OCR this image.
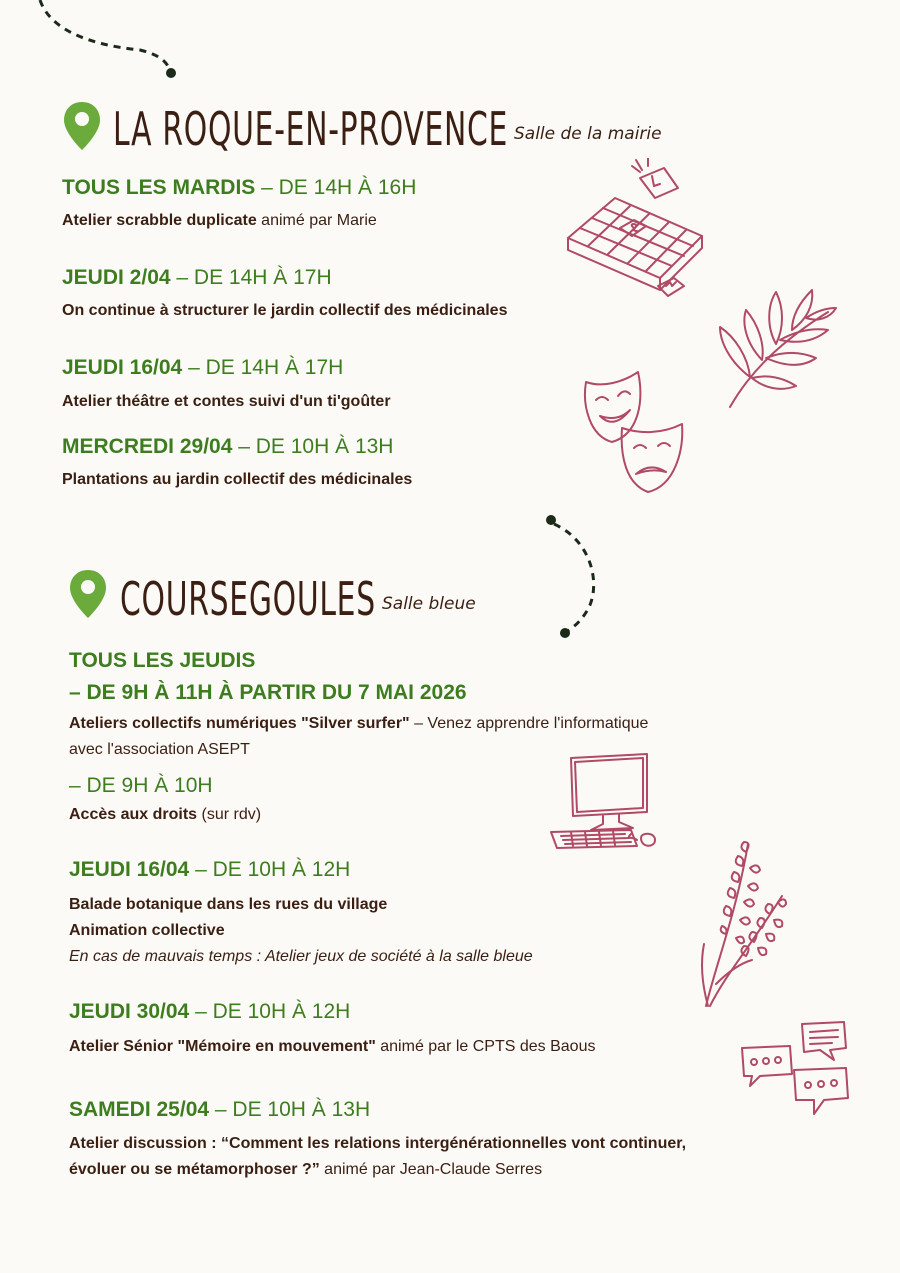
LA ROQUE-EN-PROVENCE Salle de la mairie
TOUS LES MARDIS – DE 14H À 16H
Atelier scrabble duplicate animé par Marie
JEUDI 2/04 – DE 14H À 17H
On continue à structurer le jardin collectif des médicinales
JEUDI 16/04 – DE 14H À 17H
Atelier théâtre et contes suivi d'un ti'goûter
MERCREDI 29/04 – DE 10H À 13H
Plantations au jardin collectif des médicinales
COURSEGOULES Salle bleue
TOUS LES JEUDIS
– DE 9H À 11H À PARTIR DU 7 MAI 2026
Ateliers collectifs numériques "Silver surfer" – Venez apprendre l'informatique
avec l'association ASEPT
– DE 9H À 10H
Accès aux droits (sur rdv)
JEUDI 16/04 – DE 10H À 12H
Balade botanique dans les rues du village
Animation collective
En cas de mauvais temps : Atelier jeux de société à la salle bleue
JEUDI 30/04 – DE 10H À 12H
Atelier Sénior "Mémoire en mouvement" animé par le CPTS des Baous
SAMEDI 25/04 – DE 10H À 13H
Atelier discussion : “Comment les relations intergénérationnelles vont continuer,
évoluer ou se métamorphoser ?” animé par Jean-Claude Serres
